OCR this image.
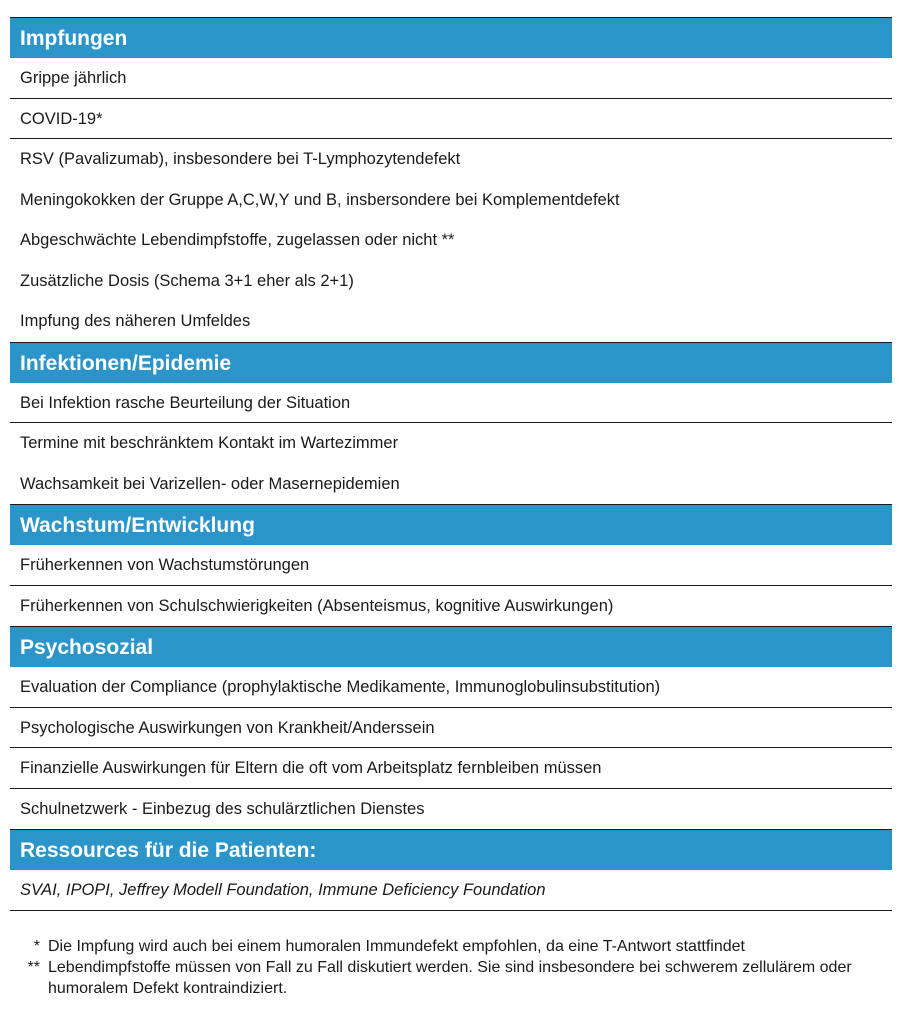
Impfungen
Grippe jährlich
COVID-19*
RSV (Pavalizumab), insbesondere bei T-Lymphozytendefekt
Meningokokken der Gruppe A,C,W,Y und B, insbersondere bei Komplementdefekt
Abgeschwächte Lebendimpfstoffe, zugelassen oder nicht **
Zusätzliche Dosis (Schema 3+1 eher als 2+1)
Impfung des näheren Umfeldes
Infektionen/Epidemie
Bei Infektion rasche Beurteilung der Situation
Termine mit beschränktem Kontakt im Wartezimmer
Wachsamkeit bei Varizellen- oder Masernepidemien
Wachstum/Entwicklung
Früherkennen von Wachstumstörungen
Früherkennen von Schulschwierigkeiten (Absenteismus, kognitive Auswirkungen)
Psychosozial
Evaluation der Compliance (prophylaktische Medikamente, Immunoglobulinsubstitution)
Psychologische Auswirkungen von Krankheit/Anderssein
Finanzielle Auswirkungen für Eltern die oft vom Arbeitsplatz fernbleiben müssen
Schulnetzwerk - Einbezug des schulärztlichen Dienstes
Ressources für die Patienten:
SVAI, IPOPI, Jeffrey Modell Foundation, Immune Deficiency Foundation
* Die Impfung wird auch bei einem humoralen Immundefekt empfohlen, da eine T-Antwort stattfindet
** Lebendimpfstoffe müssen von Fall zu Fall diskutiert werden. Sie sind insbesondere bei schwerem zellulärem oder humoralem Defekt kontraindiziert.
